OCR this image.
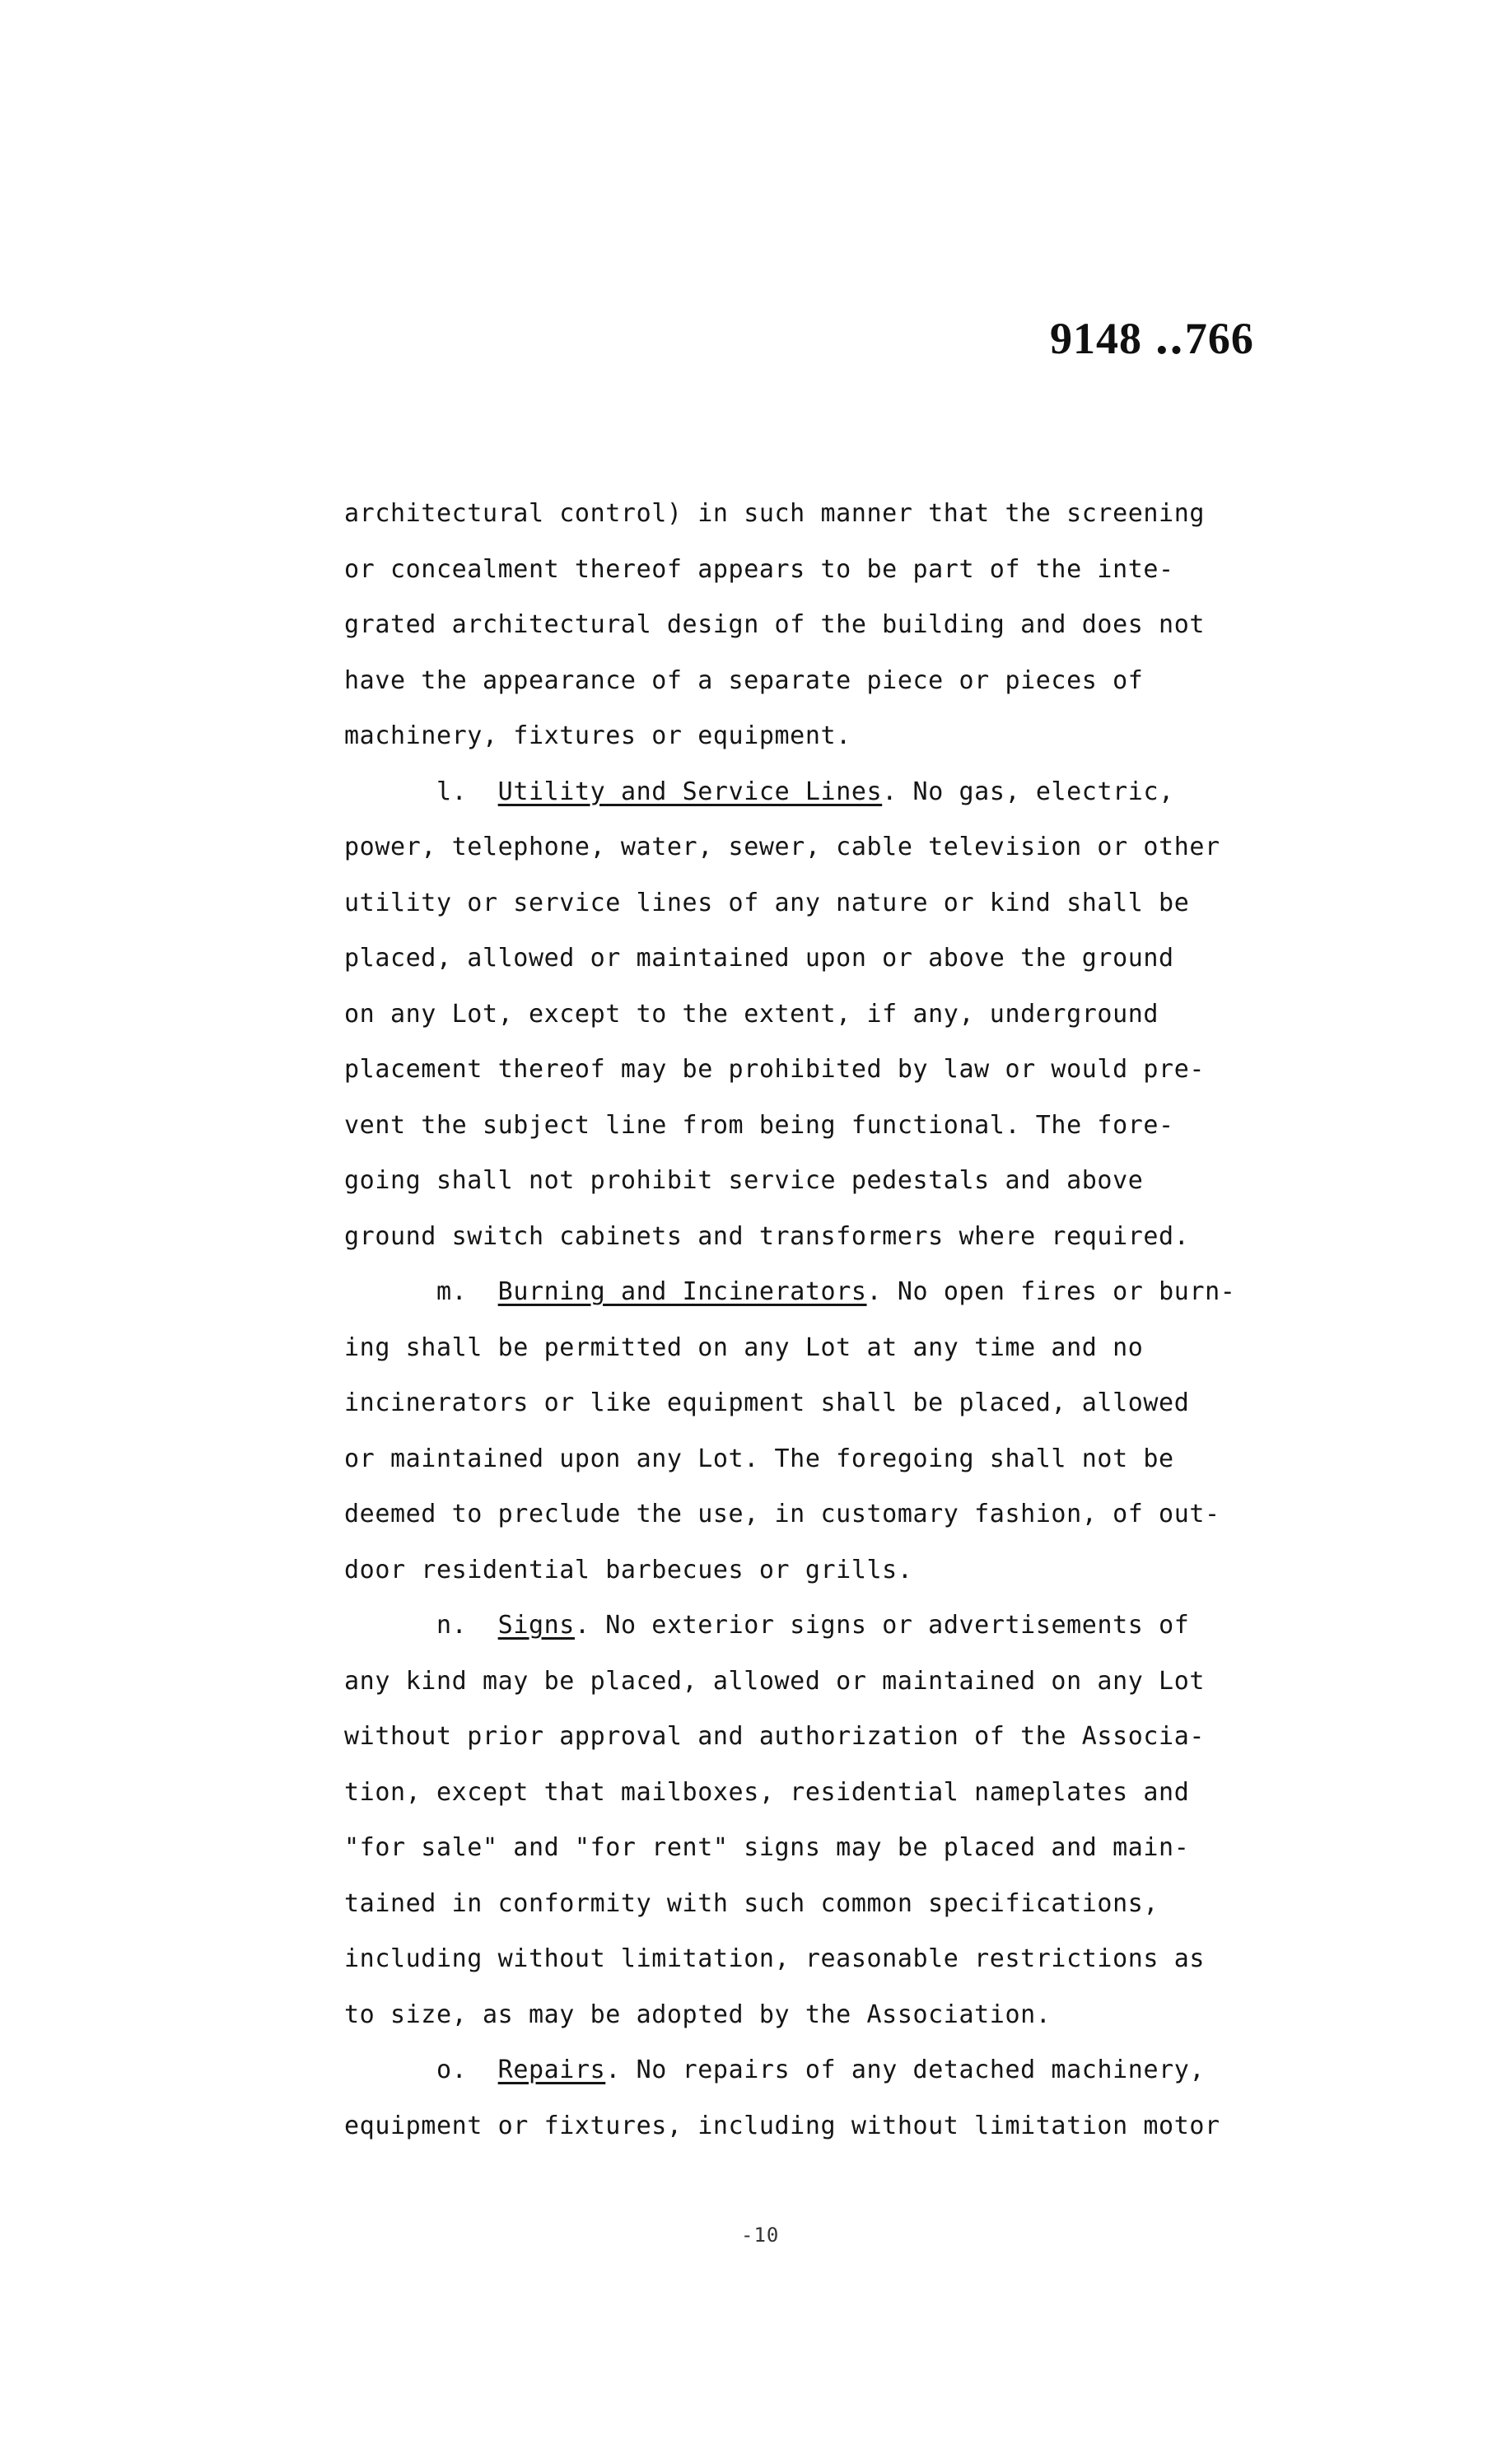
9148 ‥766
architectural control) in such manner that the screening
or concealment thereof appears to be part of the inte-
grated architectural design of the building and does not
have the appearance of a separate piece or pieces of
machinery, fixtures or equipment.
l. Utility and Service Lines. No gas, electric,
power, telephone, water, sewer, cable television or other
utility or service lines of any nature or kind shall be
placed, allowed or maintained upon or above the ground
on any Lot, except to the extent, if any, underground
placement thereof may be prohibited by law or would pre-
vent the subject line from being functional. The fore-
going shall not prohibit service pedestals and above
ground switch cabinets and transformers where required.
m. Burning and Incinerators. No open fires or burn-
ing shall be permitted on any Lot at any time and no
incinerators or like equipment shall be placed, allowed
or maintained upon any Lot. The foregoing shall not be
deemed to preclude the use, in customary fashion, of out-
door residential barbecues or grills.
n. Signs. No exterior signs or advertisements of
any kind may be placed, allowed or maintained on any Lot
without prior approval and authorization of the Associa-
tion, except that mailboxes, residential nameplates and
"for sale" and "for rent" signs may be placed and main-
tained in conformity with such common specifications,
including without limitation, reasonable restrictions as
to size, as may be adopted by the Association.
o. Repairs. No repairs of any detached machinery,
equipment or fixtures, including without limitation motor
-10
